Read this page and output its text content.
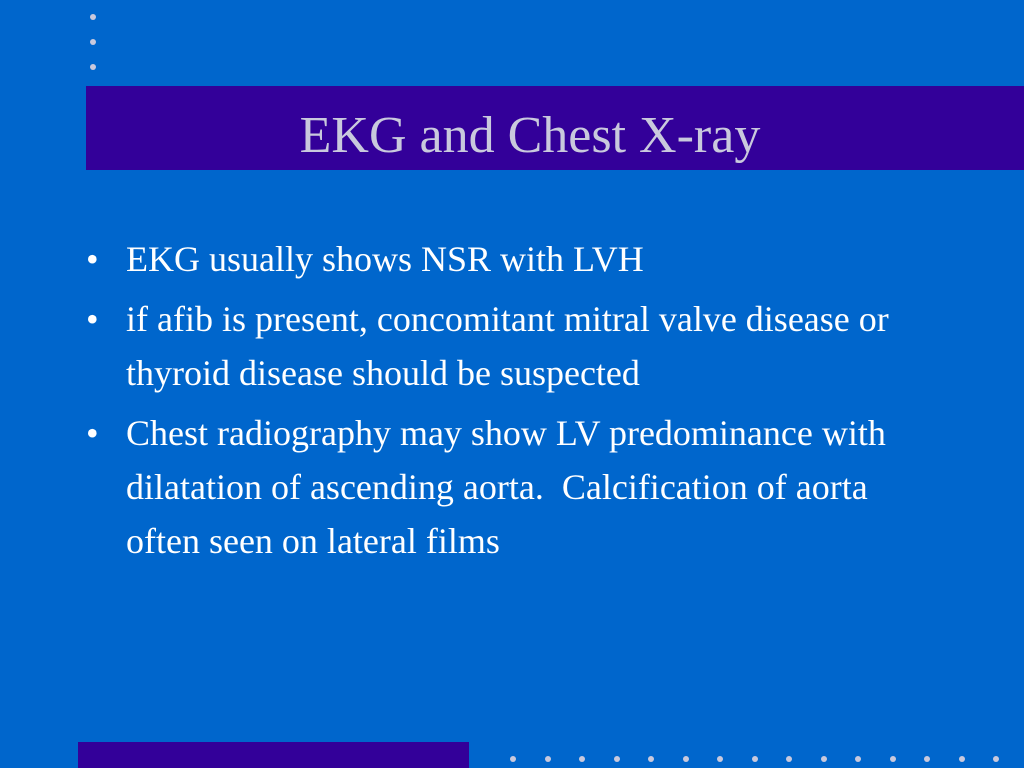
EKG and Chest X-ray
• EKG usually shows NSR with LVH
• if afib is present, concomitant mitral valve disease or thyroid disease should be suspected
• Chest radiography may show LV predominance with dilatation of ascending aorta.  Calcification of aorta often seen on lateral films
